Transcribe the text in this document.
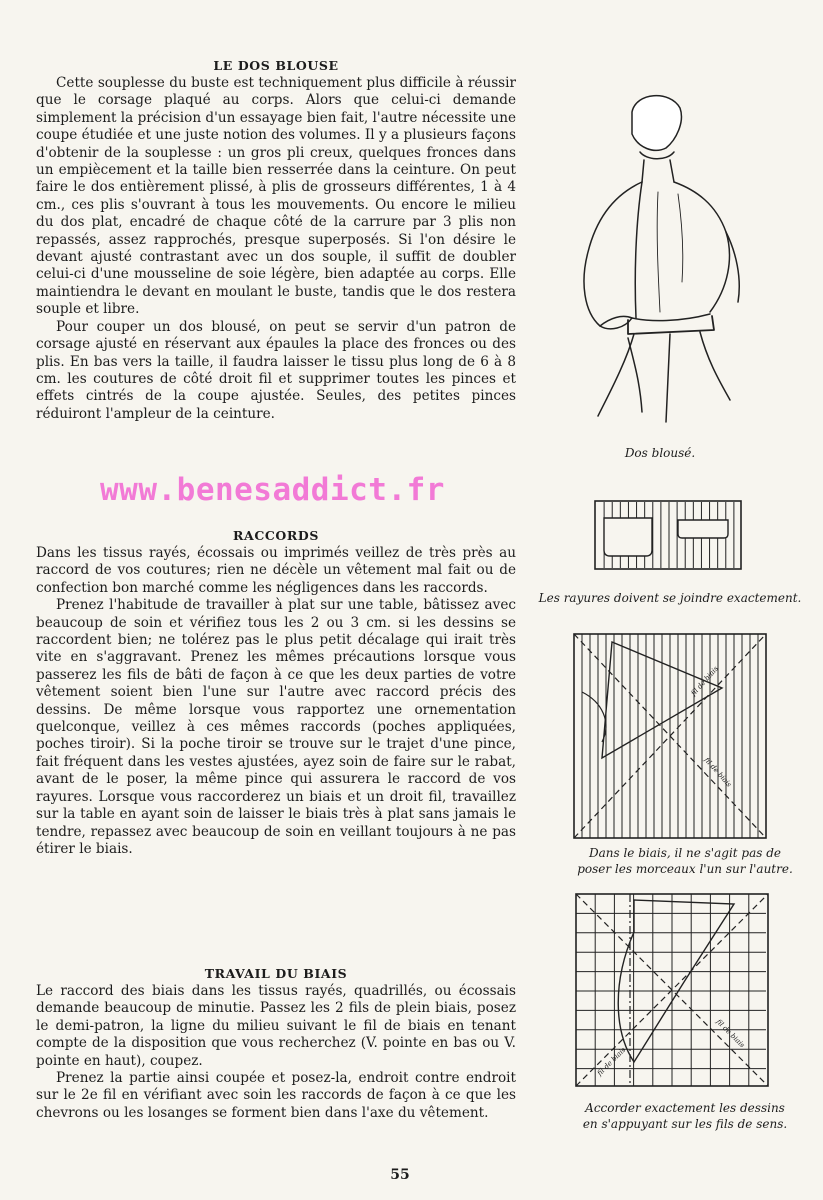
LE DOS BLOUSE

Cette souplesse du buste est techniquement plus difficile à réussir que le corsage plaqué au corps. Alors que celui-ci demande simplement la précision d'un essayage bien fait, l'autre nécessite une coupe étudiée et une juste notion des volumes. Il y a plusieurs façons d'obtenir de la souplesse : un gros pli creux, quelques fronces dans un empiècement et la taille bien resserrée dans la ceinture. On peut faire le dos entièrement plissé, à plis de grosseurs différentes, 1 à 4 cm., ces plis s'ouvrant à tous les mouvements. Ou encore le milieu du dos plat, encadré de chaque côté de la carrure par 3 plis non repassés, assez rapprochés, presque superposés. Si l'on désire le devant ajusté contrastant avec un dos souple, il suffit de doubler celui-ci d'une mousseline de soie légère, bien adaptée au corps. Elle maintiendra le devant en moulant le buste, tandis que le dos restera souple et libre.

Pour couper un dos blousé, on peut se servir d'un patron de corsage ajusté en réservant aux épaules la place des fronces ou des plis. En bas vers la taille, il faudra laisser le tissu plus long de 6 à 8 cm. les coutures de côté droit fil et supprimer toutes les pinces et effets cintrés de la coupe ajustée. Seules, des petites pinces réduiront l'ampleur de la ceinture.

www.benesaddict.fr
RACCORDS

Dans les tissus rayés, écossais ou imprimés veillez de très près au raccord de vos coutures; rien ne décèle un vêtement mal fait ou de confection bon marché comme les négligences dans les raccords.

Prenez l'habitude de travailler à plat sur une table, bâtissez avec beaucoup de soin et vérifiez tous les 2 ou 3 cm. si les dessins se raccordent bien; ne tolérez pas le plus petit décalage qui irait très vite en s'aggravant. Prenez les mêmes précautions lorsque vous passerez les fils de bâti de façon à ce que les deux parties de votre vêtement soient bien l'une sur l'autre avec raccord précis des dessins. De même lorsque vous rapportez une ornementation quelconque, veillez à ces mêmes raccords (poches appliquées, poches tiroir). Si la poche tiroir se trouve sur le trajet d'une pince, fait fréquent dans les vestes ajustées, ayez soin de faire sur le rabat, avant de le poser, la même pince qui assurera le raccord de vos rayures. Lorsque vous raccorderez un biais et un droit fil, travaillez sur la table en ayant soin de laisser le biais très à plat sans jamais le tendre, repassez avec beaucoup de soin en veillant toujours à ne pas étirer le biais.

TRAVAIL DU BIAIS

Le raccord des biais dans les tissus rayés, quadrillés, ou écossais demande beaucoup de minutie. Passez les 2 fils de plein biais, posez le demi-patron, la ligne du milieu suivant le fil de biais en tenant compte de la disposition que vous recherchez (V. pointe en bas ou V. pointe en haut), coupez.

Prenez la partie ainsi coupée et posez-la, endroit contre endroit sur le 2e fil en vérifiant avec soin les raccords de façon à ce que les chevrons ou les losanges se forment bien dans l'axe du vêtement.

Dos blousé.
Les rayures doivent se joindre exactement.
fil de biais
fil de biais
Dans le biais, il ne s'agit pas de
poser les morceaux l'un sur l'autre.
fil de biais
fil de biais
Accorder exactement les dessins
en s'appuyant sur les fils de sens.
55
